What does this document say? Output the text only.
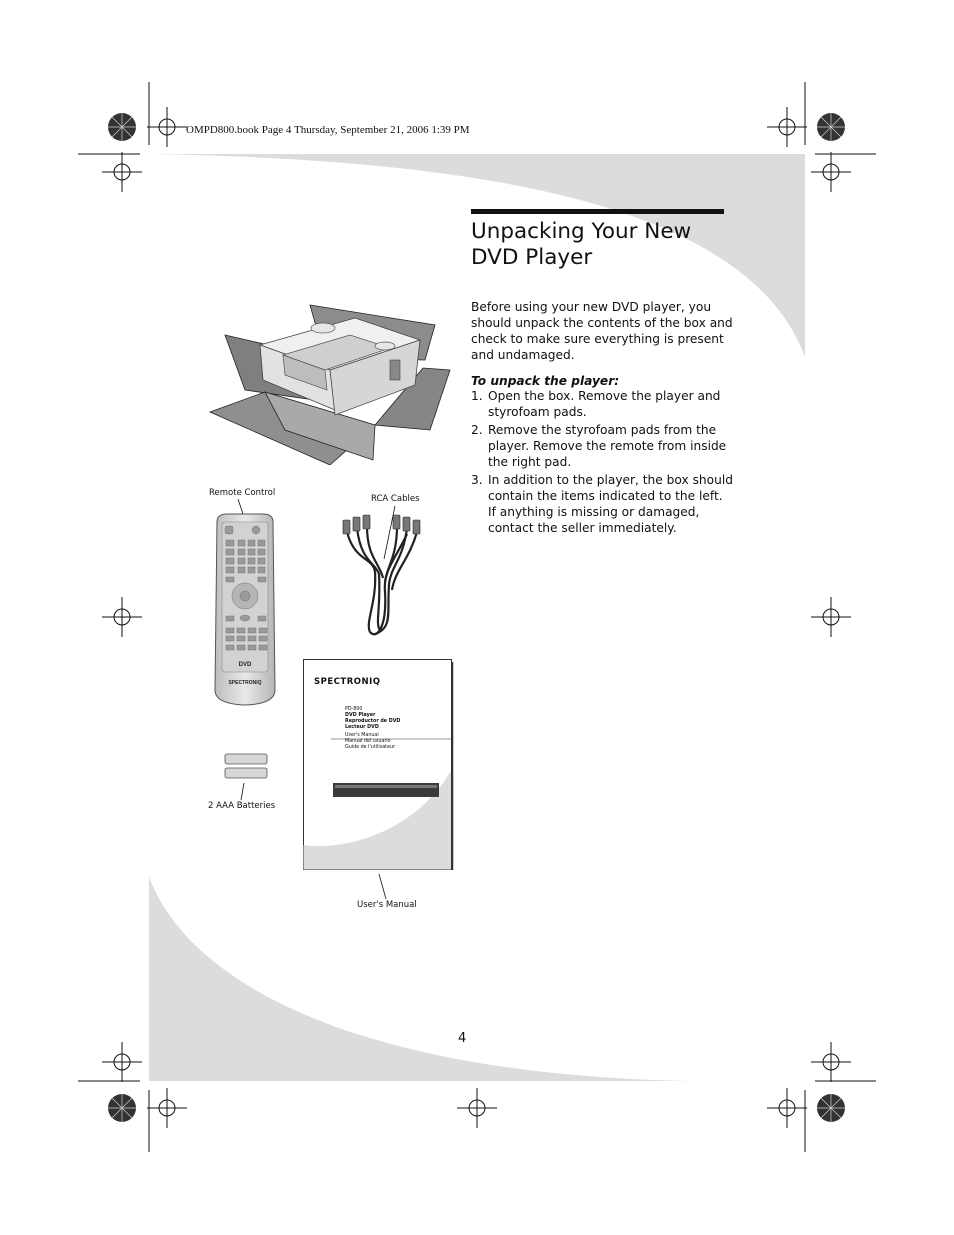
OMPD800.book Page 4 Thursday, September 21, 2006 1:39 PM
Remote Control
DVD
SPECTRONIQ
RCA Cables
2 AAA Batteries
SPECTRONIQ
PD-800
DVD Player
Reproductor de DVD
Lecteur DVD
User's Manual
Manual del usuario
Guide de l'utilisateur
User's Manual
Unpacking Your New
DVD Player
Before using your new DVD player, you should unpack the contents of the box and check to make sure everything is present and undamaged.
To unpack the player:
1. Open the box. Remove the player and styrofoam pads.
2. Remove the styrofoam pads from the player. Remove the remote from inside the right pad.
3. In addition to the player, the box should contain the items indicated to the left. If anything is missing or damaged, contact the seller immediately.
4
